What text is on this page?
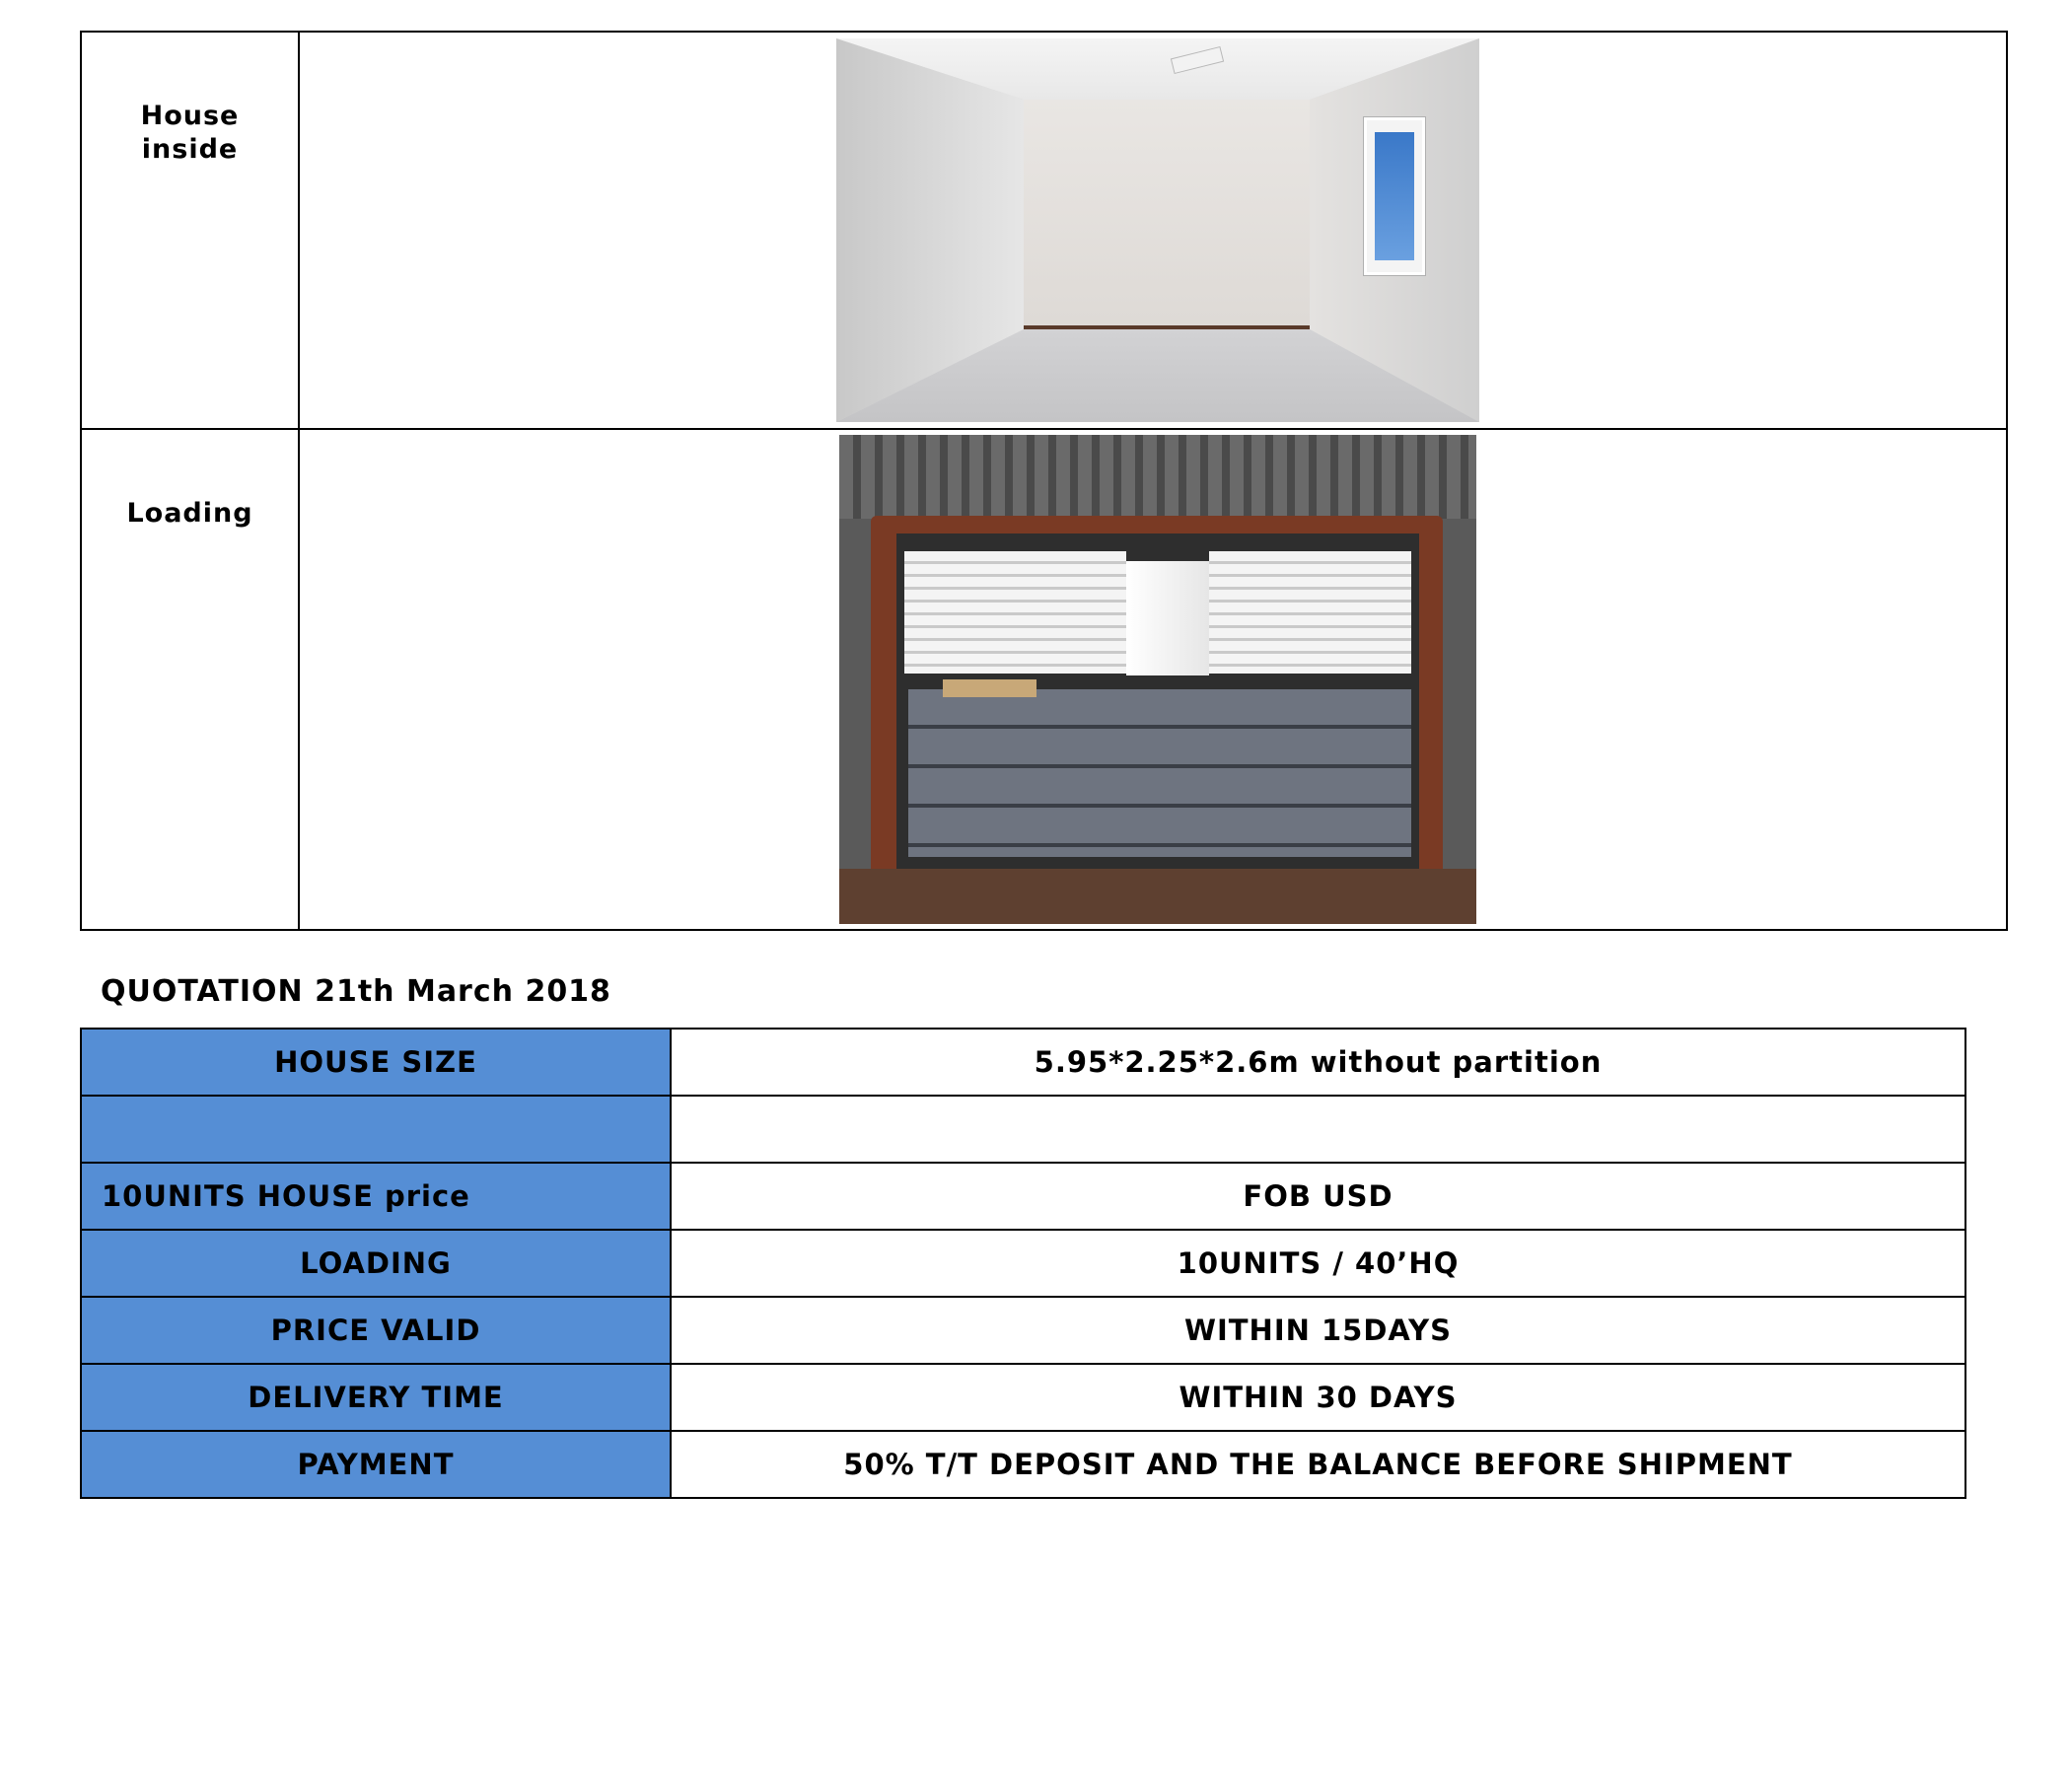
House
inside	

Loading	

QUOTATION 21th March 2018
HOUSE SIZE	5.95*2.25*2.6m without partition

10UNITS HOUSE price	FOB USD
LOADING	10UNITS / 40’HQ
PRICE VALID	WITHIN 15DAYS
DELIVERY TIME	WITHIN 30 DAYS
PAYMENT	50% T/T DEPOSIT AND THE BALANCE BEFORE SHIPMENT
